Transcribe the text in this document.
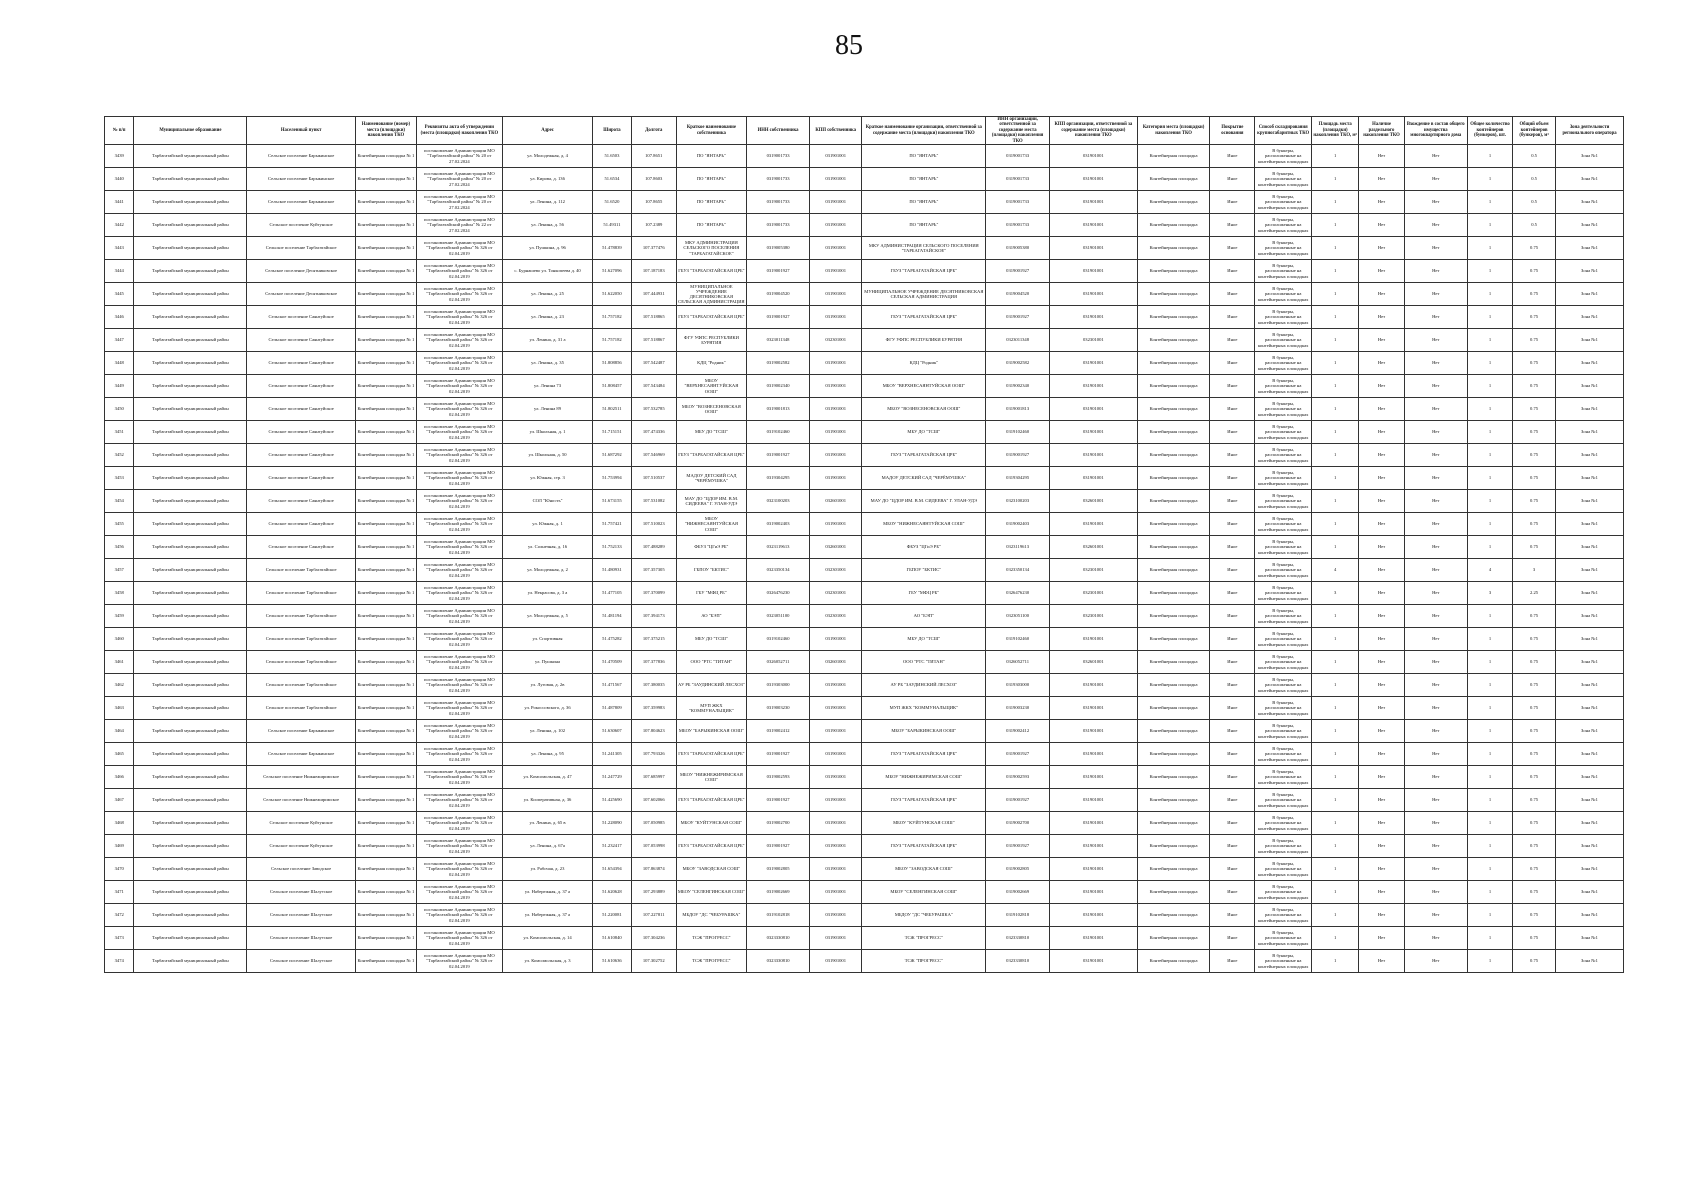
85
№ п/п	Муниципальное образование	Населенный пункт	Наименование (номер) места (площадки) накопления ТКО	Реквизиты акта об утверждении (места (площадки) накопления ТКО	Адрес	Широта	Долгота	Краткое наименование собственника	ИНН собственника	КПП собственника	Краткое наименование организации, ответственной за содержание места (площадки) накопления ТКО	ИНН организации, ответственной за содержание места (площадки) накопления ТКО	КПП организации, ответственной за содержание места (площадки) накопления ТКО	Категория места (площадки) накопления ТКО	Покрытие основания	Способ складирования крупногабаритных ТКО	Площадь места (площадки) накопления ТКО, м²	Наличие раздельного накопления ТКО	Вхождение в состав общего имущества многоквартирного дома	Общее количество контейнеров (бункеров), шт.	Общий объем контейнеров (бункеров), м³	Зона деятельности регионального оператора
3439	Тарбагатайский муниципальный район	Сельское поселение Барыкинское	Контейнерная площадка № 1	постановление Администрации МО "Тарбагатайский район" № 20 от 27.02.2024	ул. Молодежная, д. 4	51.6503	107.8651	ПО "ЯНТАРЬ"	0319001733	031901001	ПО "ЯНТАРЬ"	0319001733	031901001	Контейнерная площадка	Иное	В бункеры, расположенные на контейнерных площадках	1	Нет	Нет	1	0.5	Зона №1
3440	Тарбагатайский муниципальный район	Сельское поселение Барыкинское	Контейнерная площадка № 1	постановление Администрации МО "Тарбагатайский район" № 20 от 27.02.2024	ул. Кирова, д. 136	51.6534	107.8603	ПО "ЯНТАРЬ"	0319001733	031901001	ПО "ЯНТАРЬ"	0319001733	031901001	Контейнерная площадка	Иное	В бункеры, расположенные на контейнерных площадках	1	Нет	Нет	1	0.5	Зона №1
3441	Тарбагатайский муниципальный район	Сельское поселение Барыкинское	Контейнерная площадка № 1	постановление Администрации МО "Тарбагатайский район" № 20 от 27.02.2024	ул. Ленина, д. 112	51.6520	107.8655	ПО "ЯНТАРЬ"	0319001733	031901001	ПО "ЯНТАРЬ"	0319001733	031901001	Контейнерная площадка	Иное	В бункеры, расположенные на контейнерных площадках	1	Нет	Нет	1	0.5	Зона №1
3442	Тарбагатайский муниципальный район	Сельское поселение Куйтунское	Контейнерная площадка № 1	постановление Администрации МО "Тарбагатайский район" № 22 от 27.02.2024	ул. Ленина, д. 56	51.49311	107.2389	ПО "ЯНТАРЬ"	0319001733	031901001	ПО "ЯНТАРЬ"	0319001733	031901001	Контейнерная площадка	Иное	В бункеры, расположенные на контейнерных площадках	1	Нет	Нет	1	0.5	Зона №1
3443	Тарбагатайский муниципальный район	Сельское поселение Тарбагатайское	Контейнерная площадка № 1	постановление Администрации МО "Тарбагатайский район" № 326 от 02.04.2019	ул. Пушкина, д. 96	51.478839	107.377476	МКУ АДМИНИСТРАЦИЯ СЕЛЬСКОГО ПОСЕЛЕНИЯ "ТАРБАГАТАЙСКОЕ"	0319005380	031901001	МКУ АДМИНИСТРАЦИЯ СЕЛЬСКОГО ПОСЕЛЕНИЯ "ТАРБАГАТАЙСКОЕ"	0319005380	031901001	Контейнерная площадка	Иное	В бункеры, расположенные на контейнерных площадках	1	Нет	Нет	1	0.75	Зона №1
3444	Тарбагатайский муниципальный район	Сельское поселение Десятниковское	Контейнерная площадка № 1	постановление Администрации МО "Тарбагатайский район" № 326 от 02.04.2019	с. Бурнашево ул. Тонкопеева д. 40	51.627096	107.187183	ГБУЗ "ТАРБАГАТАЙСКАЯ ЦРБ"	0319001927	031901001	ГБУЗ "ТАРБАГАТАЙСКАЯ ЦРБ"	0319001927	031901001	Контейнерная площадка	Иное	В бункеры, расположенные на контейнерных площадках	1	Нет	Нет	1	0.75	Зона №1
3445	Тарбагатайский муниципальный район	Сельское поселение Десятниковское	Контейнерная площадка № 1	постановление Администрации МО "Тарбагатайский район" № 326 от 02.04.2019	ул. Ленина, д. 25	51.622050	107.444931	МУНИЦИПАЛЬНОЕ УЧРЕЖДЕНИЕ ДЕСЯТНИКОВСКАЯ СЕЛЬСКАЯ АДМИНИСТРАЦИЯ	0319004520	031901001	МУНИЦИПАЛЬНОЕ УЧРЕЖДЕНИЕ ДЕСЯТНИКОВСКАЯ СЕЛЬСКАЯ АДМИНИСТРАЦИЯ	0319004520	031901001	Контейнерная площадка	Иное	В бункеры, расположенные на контейнерных площадках	1	Нет	Нет	1	0.75	Зона №1
3446	Тарбагатайский муниципальный район	Сельское поселение Саянтуйское	Контейнерная площадка № 1	постановление Администрации МО "Тарбагатайский район" № 326 от 02.04.2019	ул. Ленина, д. 23	51.757182	107.518865	ГБУЗ "ТАРБАГАТАЙСКАЯ ЦРБ"	0319001927	031901001	ГБУЗ "ТАРБАГАТАЙСКАЯ ЦРБ"	0319001927	031901001	Контейнерная площадка	Иное	В бункеры, расположенные на контейнерных площадках	1	Нет	Нет	1	0.75	Зона №1
3447	Тарбагатайский муниципальный район	Сельское поселение Саянтуйское	Контейнерная площадка № 1	постановление Администрации МО "Тарбагатайский район" № 326 от 02.04.2019	ул. Ленина, д. 31 а	51.757182	107.518867	ФГУ УФПС РЕСПУБЛИКИ БУРЯТИЯ	0323011348	032301001	ФГУ УФПС РЕСПУБЛИКИ БУРЯТИЯ	0323011348	032301001	Контейнерная площадка	Иное	В бункеры, расположенные на контейнерных площадках	1	Нет	Нет	1	0.75	Зона №1
3448	Тарбагатайский муниципальный район	Сельское поселение Саянтуйское	Контейнерная площадка № 1	постановление Администрации МО "Тарбагатайский район" № 326 от 02.04.2019	ул. Ленина, д. 35	51.808856	107.542487	КДЦ "Родник"	0319002582	031901001	КДЦ "Родник"	0319002582	031901001	Контейнерная площадка	Иное	В бункеры, расположенные на контейнерных площадках	1	Нет	Нет	1	0.75	Зона №1
3449	Тарбагатайский муниципальный район	Сельское поселение Саянтуйское	Контейнерная площадка № 1	постановление Администрации МО "Тарбагатайский район" № 326 от 02.04.2019	ул. Ленина 73	51.808457	107.543484	МБОУ "ВЕРХНЕСАЯНТУЙСКАЯ ООШ"	0319002340	031901001	МБОУ "ВЕРХНЕСАЯНТУЙСКАЯ ООШ"	0319002340	031901001	Контейнерная площадка	Иное	В бункеры, расположенные на контейнерных площадках	1	Нет	Нет	1	0.75	Зона №1
3450	Тарбагатайский муниципальный район	Сельское поселение Саянтуйское	Контейнерная площадка № 1	постановление Администрации МО "Тарбагатайский район" № 326 от 02.04.2019	ул. Ленина 89	51.802511	107.532785	МБОУ "ВОЗНЕСЕНОВСКАЯ ООШ"	0319001813	031901001	МБОУ "ВОЗНЕСЕНОВСКАЯ ООШ"	0319001813	031901001	Контейнерная площадка	Иное	В бункеры, расположенные на контейнерных площадках	1	Нет	Нет	1	0.75	Зона №1
3451	Тарбагатайский муниципальный район	Сельское поселение Саянтуйское	Контейнерная площадка № 1	постановление Администрации МО "Тарбагатайский район" № 326 от 02.04.2019	ул. Школьная, д. 1	51.715151	107.474336	МБУ ДО "ТСШ"	0319102460	031901001	МБУ ДО "ТСШ"	0319102460	031901001	Контейнерная площадка	Иное	В бункеры, расположенные на контейнерных площадках	1	Нет	Нет	1	0.75	Зона №1
3452	Тарбагатайский муниципальный район	Сельское поселение Саянтуйское	Контейнерная площадка № 1	постановление Администрации МО "Тарбагатайский район" № 326 от 02.04.2019	ул. Школьная, д. 50	51.687292	107.546969	ГБУЗ "ТАРБАГАТАЙСКАЯ ЦРБ"	0319001927	031901001	ГБУЗ "ТАРБАГАТАЙСКАЯ ЦРБ"	0319001927	031901001	Контейнерная площадка	Иное	В бункеры, расположенные на контейнерных площадках	1	Нет	Нет	1	0.75	Зона №1
3453	Тарбагатайский муниципальный район	Сельское поселение Саянтуйское	Контейнерная площадка № 1	постановление Администрации МО "Тарбагатайский район" № 326 от 02.04.2019	ул. Южная, стр. 3	51.753994	107.510537	МАДОУ ДЕТСКИЙ САД "ЧЕРЁМУШКА"	0319304295	031901001	МАДОУ ДЕТСКИЙ САД "ЧЕРЁМУШКА"	0319304295	031901001	Контейнерная площадка	Иное	В бункеры, расположенные на контейнерных площадках	1	Нет	Нет	1	0.75	Зона №1
3454	Тарбагатайский муниципальный район	Сельское поселение Саянтуйское	Контейнерная площадка № 1	постановление Администрации МО "Тарбагатайский район" № 326 от 02.04.2019	СОЛ "Юность"	51.673155	107.531082	МАУ ДО "ЦДОР ИМ. В.М. СИДЕЕВА" Г. УЛАН-УДЭ	0323100203	032601001	МАУ ДО "ЦДОР ИМ. В.М. СИДЕЕВА" Г. УЛАН-УДЭ	0323100203	032601001	Контейнерная площадка	Иное	В бункеры, расположенные на контейнерных площадках	1	Нет	Нет	1	0.75	Зона №1
3455	Тарбагатайский муниципальный район	Сельское поселение Саянтуйское	Контейнерная площадка № 1	постановление Администрации МО "Тарбагатайский район" № 326 от 02.04.2019	ул. Южная, д. 1	51.757421	107.510023	МБОУ "НИЖНЕСАЯНТУЙСКАЯ СОШ"	0319002403	031901001	МБОУ "НИЖНЕСАЯНТУЙСКАЯ СОШ"	0319002403	031901001	Контейнерная площадка	Иное	В бункеры, расположенные на контейнерных площадках	1	Нет	Нет	1	0.75	Зона №1
3456	Тарбагатайский муниципальный район	Сельское поселение Саянтуйское	Контейнерная площадка № 1	постановление Администрации МО "Тарбагатайский район" № 326 от 02.04.2019	ул. Солнечная, д. 16	51.752133	107.488289	ФБУЗ "ЦГиЭ РБ"	0323119613	032601001	ФБУЗ "ЦГиЭ РБ"	0323119613	032601001	Контейнерная площадка	Иное	В бункеры, расположенные на контейнерных площадках	1	Нет	Нет	1	0.75	Зона №1
3457	Тарбагатайский муниципальный район	Сельское поселение Тарбагатайское	Контейнерная площадка № 1	постановление Администрации МО "Тарбагатайский район" № 326 от 02.04.2019	ул. Молодежная, д. 2	51.480931	107.357305	ГБПОУ "БКТИС"	0323350134	032301001	ГБПОУ "БКТИС"	0323350134	032301001	Контейнерная площадка	Иное	В бункеры, расположенные на контейнерных площадках	4	Нет	Нет	4	3	Зона №1
3458	Тарбагатайский муниципальный район	Сельское поселение Тарбагатайское	Контейнерная площадка № 1	постановление Администрации МО "Тарбагатайский район" № 326 от 02.04.2019	ул. Некрасова, д. 3 а	51.477105	107.370099	ГБУ "МФЦ РБ"	0326476230	032301001	ГБУ "МФЦ РБ"	0326476230	032301001	Контейнерная площадка	Иное	В бункеры, расположенные на контейнерных площадках	3	Нет	Нет	3	2.25	Зона №1
3459	Тарбагатайский муниципальный район	Сельское поселение Тарбагатайское	Контейнерная площадка № 1	постановление Администрации МО "Тарбагатайский район" № 326 от 02.04.2019	ул. Молодежная, д. 5	51.481194	107.394173	АО "БЭП"	0323051100	032301001	АО "БЭП"	0323051100	032301001	Контейнерная площадка	Иное	В бункеры, расположенные на контейнерных площадках	1	Нет	Нет	1	0.75	Зона №1
3460	Тарбагатайский муниципальный район	Сельское поселение Тарбагатайское	Контейнерная площадка № 1	постановление Администрации МО "Тарбагатайский район" № 326 от 02.04.2019	ул. Спортивная	51.475282	107.375215	МБУ ДО "ТСШ"	0319102460	031901001	МБУ ДО "ТСШ"	0319102460	031901001	Контейнерная площадка	Иное	В бункеры, расположенные на контейнерных площадках	1	Нет	Нет	1	0.75	Зона №1
3461	Тарбагатайский муниципальный район	Сельское поселение Тарбагатайское	Контейнерная площадка № 1	постановление Администрации МО "Тарбагатайский район" № 326 от 02.04.2019	ул. Пушкина	51.470509	107.377836	ООО "РТС "ТИТАН"	0326052711	032601001	ООО "РТС "ТИТАН"	0326052711	032601001	Контейнерная площадка	Иное	В бункеры, расположенные на контейнерных площадках	1	Нет	Нет	1	0.75	Зона №1
3462	Тарбагатайский муниципальный район	Сельское поселение Тарбагатайское	Контейнерная площадка № 1	постановление Администрации МО "Тарбагатайский район" № 326 от 02.04.2019	ул. Луговая, д. 2в	51.471567	107.380035	АУ РБ "ЗАУДИНСКИЙ ЛЕСХОЗ"	0319303000	031901001	АУ РБ "ЗАУДИНСКИЙ ЛЕСХОЗ"	0319303000	031901001	Контейнерная площадка	Иное	В бункеры, расположенные на контейнерных площадках	1	Нет	Нет	1	0.75	Зона №1
3463	Тарбагатайский муниципальный район	Сельское поселение Тарбагатайское	Контейнерная площадка № 1	постановление Администрации МО "Тарбагатайский район" № 326 от 02.04.2019	ул. Рокоссовского, д. 36	51.487809	107.359983	МУП ЖКХ "КОММУНАЛЬЩИК"	0319003230	031901001	МУП ЖКХ "КОММУНАЛЬЩИК"	0319003230	031901001	Контейнерная площадка	Иное	В бункеры, расположенные на контейнерных площадках	1	Нет	Нет	1	0.75	Зона №1
3464	Тарбагатайский муниципальный район	Сельское поселение Барыкинское	Контейнерная площадка № 1	постановление Администрации МО "Тарбагатайский район" № 326 от 02.04.2019	ул. Ленина, д. 102	51.630607	107.804623	МБОУ "БАРЫКИНСКАЯ ООШ"	0319002412	031901001	МБОУ "БАРЫКИНСКАЯ ООШ"	0319002412	031901001	Контейнерная площадка	Иное	В бункеры, расположенные на контейнерных площадках	1	Нет	Нет	1	0.75	Зона №1
3465	Тарбагатайский муниципальный район	Сельское поселение Барыкинское	Контейнерная площадка № 1	постановление Администрации МО "Тарбагатайский район" № 326 от 02.04.2019	ул. Ленина, д. 95	51.241305	107.793326	ГБУЗ "ТАРБАГАТАЙСКАЯ ЦРБ"	0319001927	031901001	ГБУЗ "ТАРБАГАТАЙСКАЯ ЦРБ"	0319001927	031901001	Контейнерная площадка	Иное	В бункеры, расположенные на контейнерных площадках	1	Нет	Нет	1	0.75	Зона №1
3466	Тарбагатайский муниципальный район	Сельское поселение Нижнежиримское	Контейнерная площадка № 1	постановление Администрации МО "Тарбагатайский район" № 326 от 02.04.2019	ул. Комсомольская, д. 47	51.247729	107.685997	МБОУ "НИЖНЕЖИРИМСКАЯ СОШ"	0319002593	031901001	МБОУ "НИЖНЕЖИРИМСКАЯ СОШ"	0319002593	031901001	Контейнерная площадка	Иное	В бункеры, расположенные на контейнерных площадках	1	Нет	Нет	1	0.75	Зона №1
3467	Тарбагатайский муниципальный район	Сельское поселение Нижнежиримское	Контейнерная площадка № 1	постановление Администрации МО "Тарбагатайский район" № 326 от 02.04.2019	ул. Кооперативная, д. 36	51.425690	107.602066	ГБУЗ "ТАРБАГАТАЙСКАЯ ЦРБ"	0319001927	031901001	ГБУЗ "ТАРБАГАТАЙСКАЯ ЦРБ"	0319001927	031901001	Контейнерная площадка	Иное	В бункеры, расположенные на контейнерных площадках	1	Нет	Нет	1	0.75	Зона №1
3468	Тарбагатайский муниципальный район	Сельское поселение Куйтунское	Контейнерная площадка № 1	постановление Администрации МО "Тарбагатайский район" № 326 от 02.04.2019	ул. Ленина, д. 65 в	51.228090	107.050985	МБОУ "КУЙТУНСКАЯ СОШ"	0319002700	031901001	МБОУ "КУЙТУНСКАЯ СОШ"	0319002700	031901001	Контейнерная площадка	Иное	В бункеры, расположенные на контейнерных площадках	1	Нет	Нет	1	0.75	Зона №1
3469	Тарбагатайский муниципальный район	Сельское поселение Куйтунское	Контейнерная площадка № 1	постановление Администрации МО "Тарбагатайский район" № 326 от 02.04.2019	ул. Ленина, д. 67а	51.232417	107.053998	ГБУЗ "ТАРБАГАТАЙСКАЯ ЦРБ"	0319001927	031901001	ГБУЗ "ТАРБАГАТАЙСКАЯ ЦРБ"	0319001927	031901001	Контейнерная площадка	Иное	В бункеры, расположенные на контейнерных площадках	1	Нет	Нет	1	0.75	Зона №1
3470	Тарбагатайский муниципальный район	Сельское поселение Заводское	Контейнерная площадка № 1	постановление Администрации МО "Тарбагатайский район" № 326 от 02.04.2019	ул. Рабочая, д. 23	51.654394	107.863874	МБОУ "ЗАВОДСКАЯ СОШ"	0319002805	031901001	МБОУ "ЗАВОДСКАЯ СОШ"	0319002805	031901001	Контейнерная площадка	Иное	В бункеры, расположенные на контейнерных площадках	1	Нет	Нет	1	0.75	Зона №1
3471	Тарбагатайский муниципальный район	Сельское поселение Шалутское	Контейнерная площадка № 1	постановление Администрации МО "Тарбагатайский район" № 326 от 02.04.2019	ул. Набережная, д. 37 а	51.620628	107.293889	МБОУ "СЕЛЕНГИНСКАЯ СОШ"	0319002669	031901001	МБОУ "СЕЛЕНГИНСКАЯ СОШ"	0319002669	031901001	Контейнерная площадка	Иное	В бункеры, расположенные на контейнерных площадках	1	Нет	Нет	1	0.75	Зона №1
3472	Тарбагатайский муниципальный район	Сельское поселение Шалутское	Контейнерная площадка № 1	постановление Администрации МО "Тарбагатайский район" № 326 от 02.04.2019	ул. Набережная, д. 37 а	51.220081	107.227811	МБДОУ "ДС "ЧЕБУРАШКА"	0319102818	031901001	МБДОУ "ДС "ЧЕБУРАШКА"	0319102818	031901001	Контейнерная площадка	Иное	В бункеры, расположенные на контейнерных площадках	1	Нет	Нет	1	0.75	Зона №1
3473	Тарбагатайский муниципальный район	Сельское поселение Шалутское	Контейнерная площадка № 1	постановление Администрации МО "Тарбагатайский район" № 326 от 02.04.2019	ул. Комсомольская, д. 14	51.610840	107.304236	ТСЖ "ПРОГРЕСС"	0323330810	031901001	ТСЖ "ПРОГРЕСС"	0323330810	031901001	Контейнерная площадка	Иное	В бункеры, расположенные на контейнерных площадках	1	Нет	Нет	1	0.75	Зона №1
3474	Тарбагатайский муниципальный район	Сельское поселение Шалутское	Контейнерная площадка № 1	постановление Администрации МО "Тарбагатайский район" № 326 от 02.04.2019	ул. Комсомольская, д. 3	51.610636	107.302752	ТСЖ "ПРОГРЕСС"	0323330810	031901001	ТСЖ "ПРОГРЕСС"	0323330810	031901001	Контейнерная площадка	Иное	В бункеры, расположенные на контейнерных площадках	1	Нет	Нет	1	0.75	Зона №1
